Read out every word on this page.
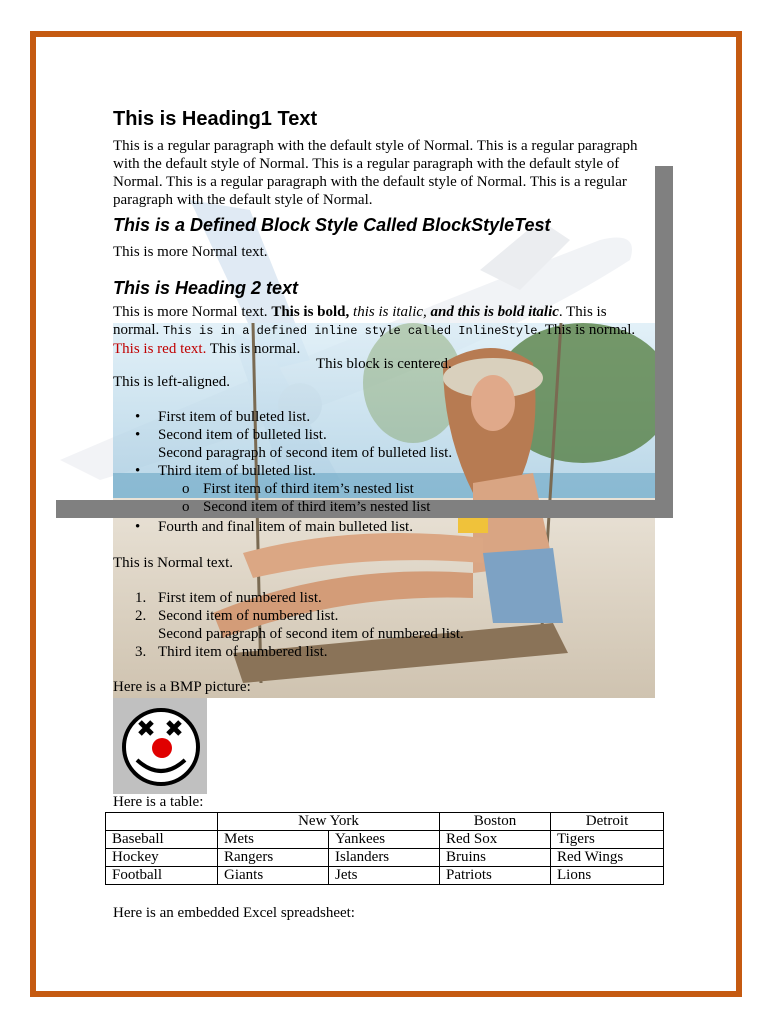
This is Heading1 Text
This is a regular paragraph with the default style of Normal. This is a regular paragraph with the default style of Normal. This is a regular paragraph with the default style of Normal. This is a regular paragraph with the default style of Normal. This is a regular paragraph with the default style of Normal.
This is a Defined Block Style Called BlockStyleTest
This is more Normal text.
This is Heading 2 text
This is more Normal text. This is bold, this is italic, and this is bold italic. This is normal. This is in a defined inline style called InlineStyle. This is normal. This is red text. This is normal.
This block is centered.
This is left-aligned.
• First item of bulleted list.
• Second item of bulleted list.
Second paragraph of second item of bulleted list.
• Third item of bulleted list.
o First item of third item’s nested list
o Second item of third item’s nested list
• Fourth and final item of main bulleted list.
This is Normal text.
1. First item of numbered list.
2. Second item of numbered list.
Second paragraph of second item of numbered list.
3. Third item of numbered list.
Here is a BMP picture:
Here is a table:
	New York		Boston	Detroit
Baseball	Mets	Yankees	Red Sox	Tigers
Hockey	Rangers	Islanders	Bruins	Red Wings
Football	Giants	Jets	Patriots	Lions
Here is an embedded Excel spreadsheet:
